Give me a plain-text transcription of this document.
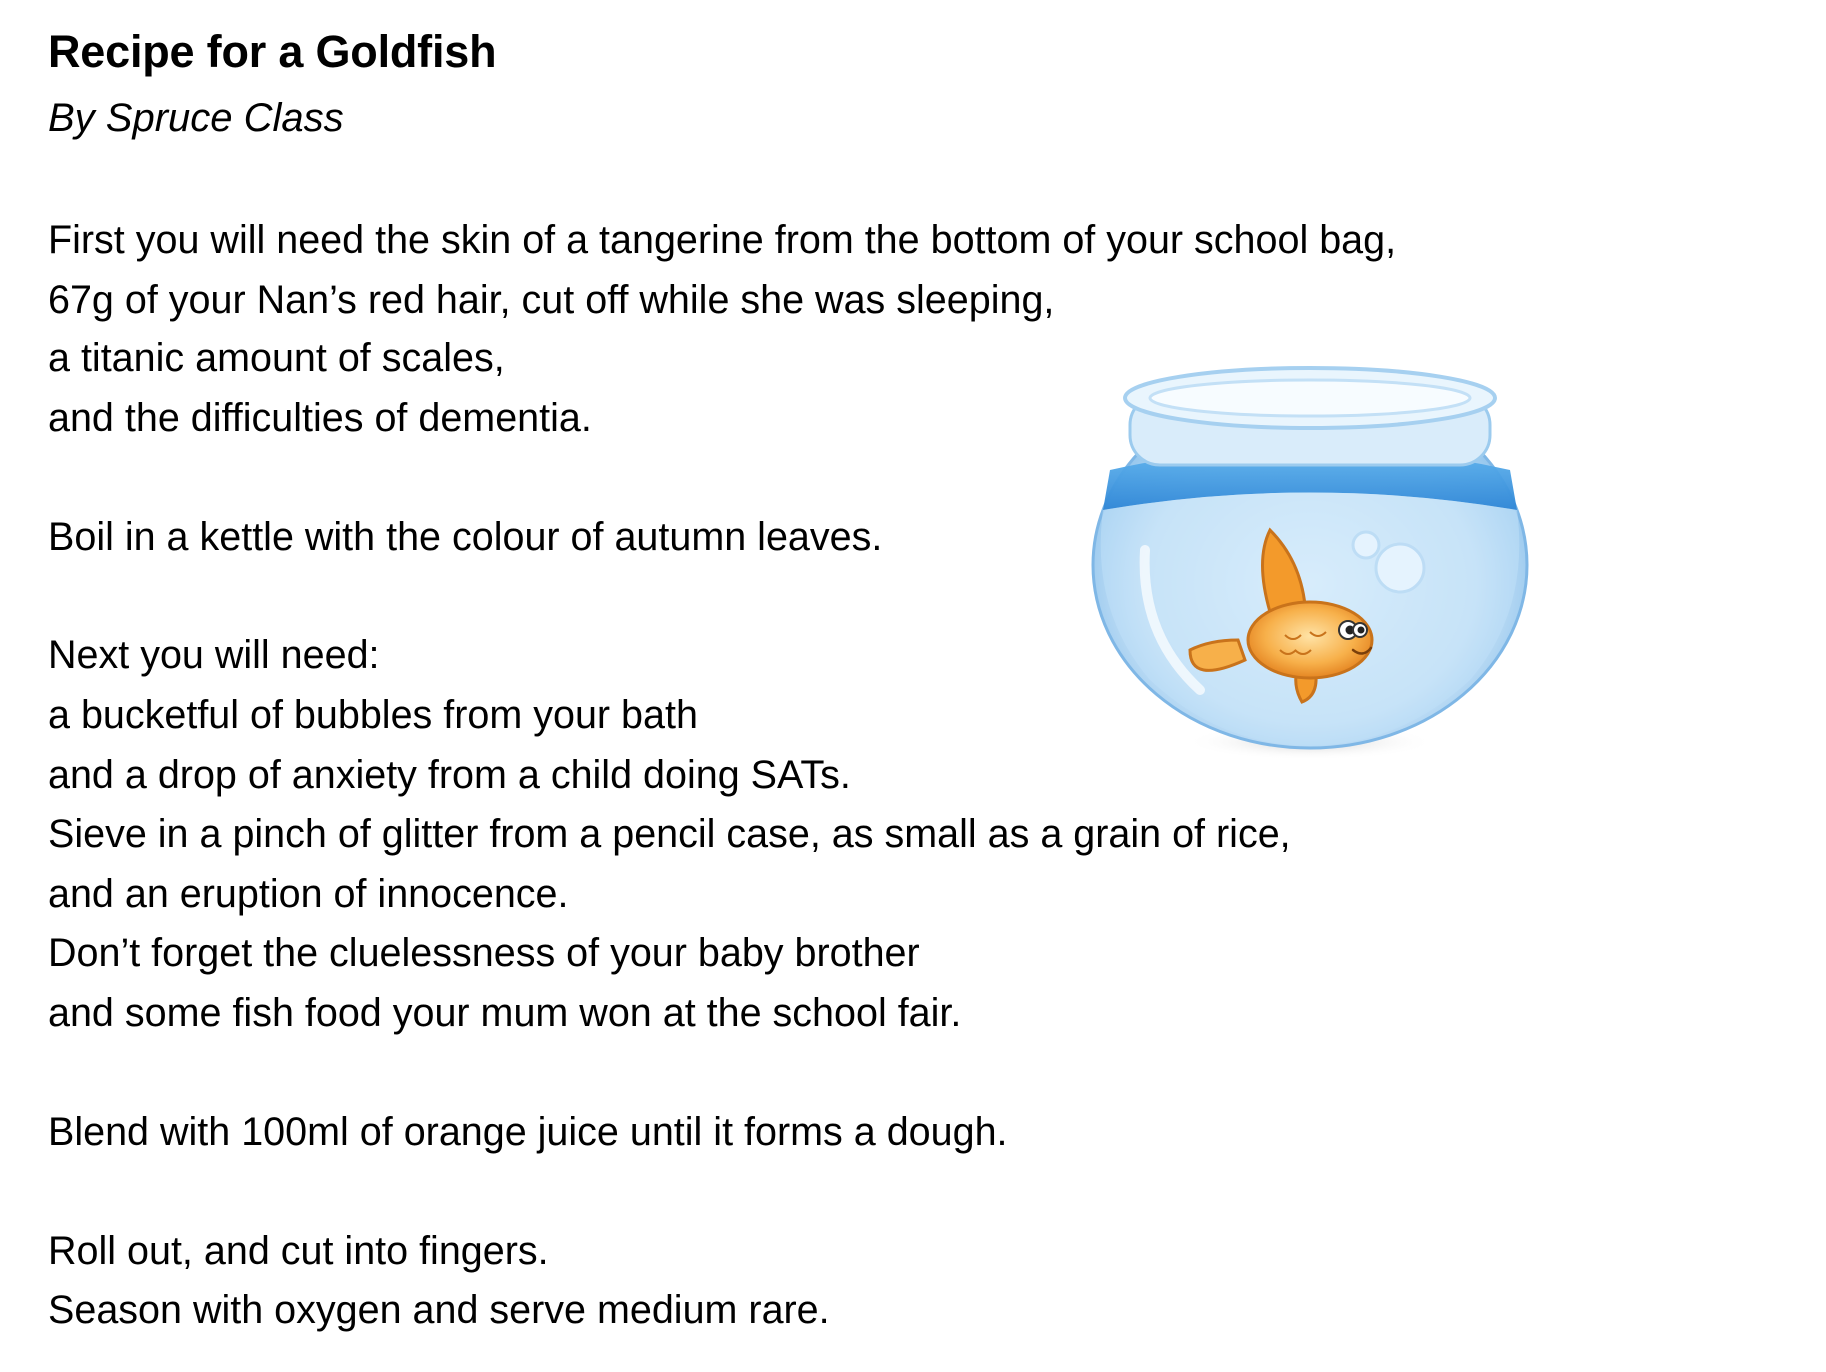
Recipe for a Goldfish
By Spruce Class
First you will need the skin of a tangerine from the bottom of your school bag,
67g of your Nan’s red hair, cut off while she was sleeping,
a titanic amount of scales,
and the difficulties of dementia.
Boil in a kettle with the colour of autumn leaves.
Next you will need:
a bucketful of bubbles from your bath
and a drop of anxiety from a child doing SATs.
Sieve in a pinch of glitter from a pencil case, as small as a grain of rice,
and an eruption of innocence.
Don’t forget the cluelessness of your baby brother
and some fish food your mum won at the school fair.
Blend with 100ml of orange juice until it forms a dough.
Roll out, and cut into fingers.
Season with oxygen and serve medium rare.
